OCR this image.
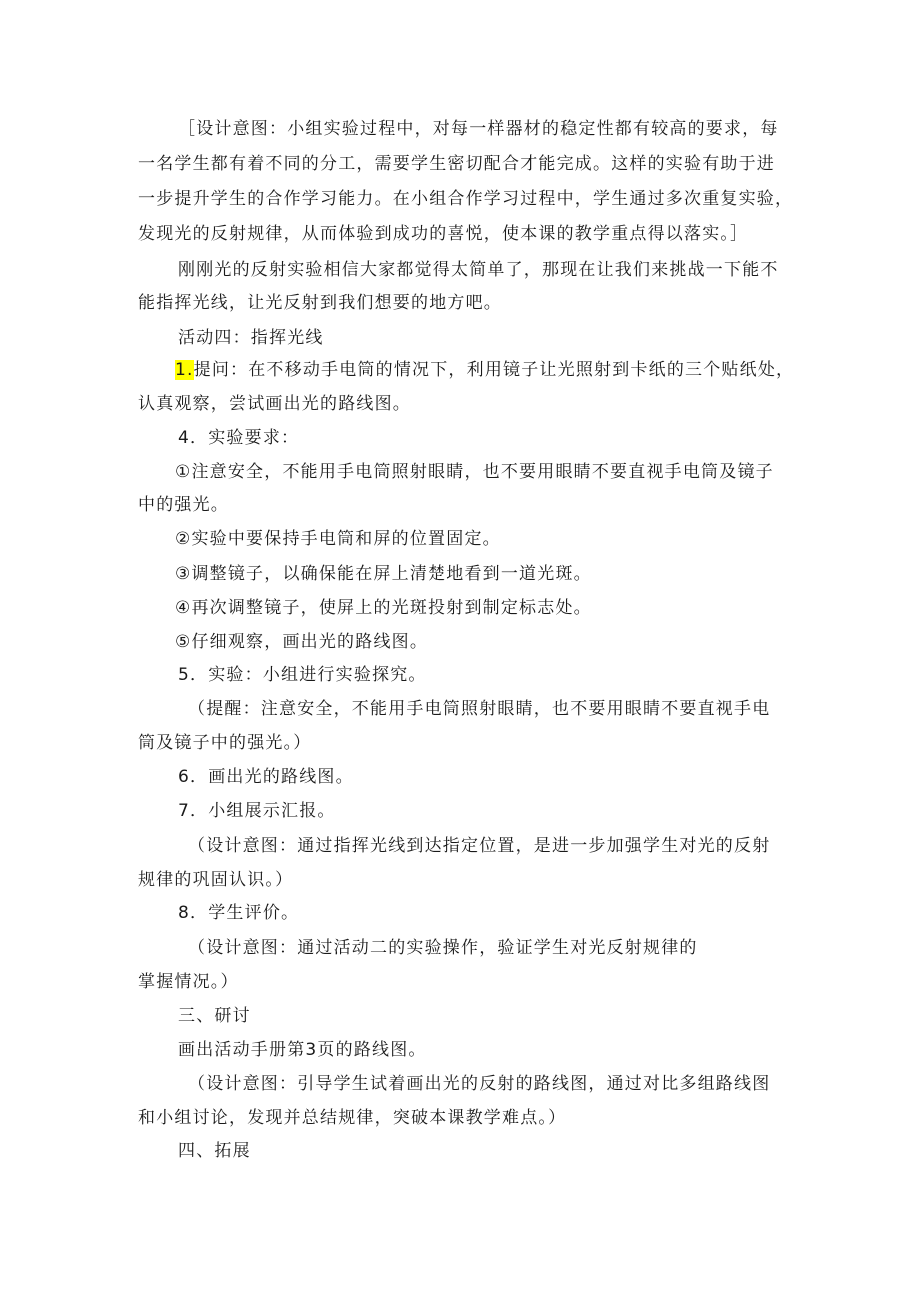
［设计意图：小组实验过程中，对每一样器材的稳定性都有较高的要求，每
一名学生都有着不同的分工，需要学生密切配合才能完成。这样的实验有助于进
一步提升学生的合作学习能力。在小组合作学习过程中，学生通过多次重复实验，
发现光的反射规律，从而体验到成功的喜悦，使本课的教学重点得以落实。］
刚刚光的反射实验相信大家都觉得太简单了，那现在让我们来挑战一下能不
能指挥光线，让光反射到我们想要的地方吧。
活动四：指挥光线
1.提问：在不移动手电筒的情况下，利用镜子让光照射到卡纸的三个贴纸处，
认真观察，尝试画出光的路线图。
4．实验要求：
①注意安全，不能用手电筒照射眼睛，也不要用眼睛不要直视手电筒及镜子
中的强光。
②实验中要保持手电筒和屏的位置固定。
③调整镜子，以确保能在屏上清楚地看到一道光斑。
④再次调整镜子，使屏上的光斑投射到制定标志处。
⑤仔细观察，画出光的路线图。
5．实验：小组进行实验探究。
（提醒：注意安全，不能用手电筒照射眼睛，也不要用眼睛不要直视手电
筒及镜子中的强光。）
6．画出光的路线图。
7．小组展示汇报。
（设计意图：通过指挥光线到达指定位置，是进一步加强学生对光的反射
规律的巩固认识。）
8．学生评价。
（设计意图：通过活动二的实验操作，验证学生对光反射规律的
掌握情况。）
三、研讨
画出活动手册第3页的路线图。
（设计意图：引导学生试着画出光的反射的路线图，通过对比多组路线图
和小组讨论，发现并总结规律，突破本课教学难点。）
四、拓展
